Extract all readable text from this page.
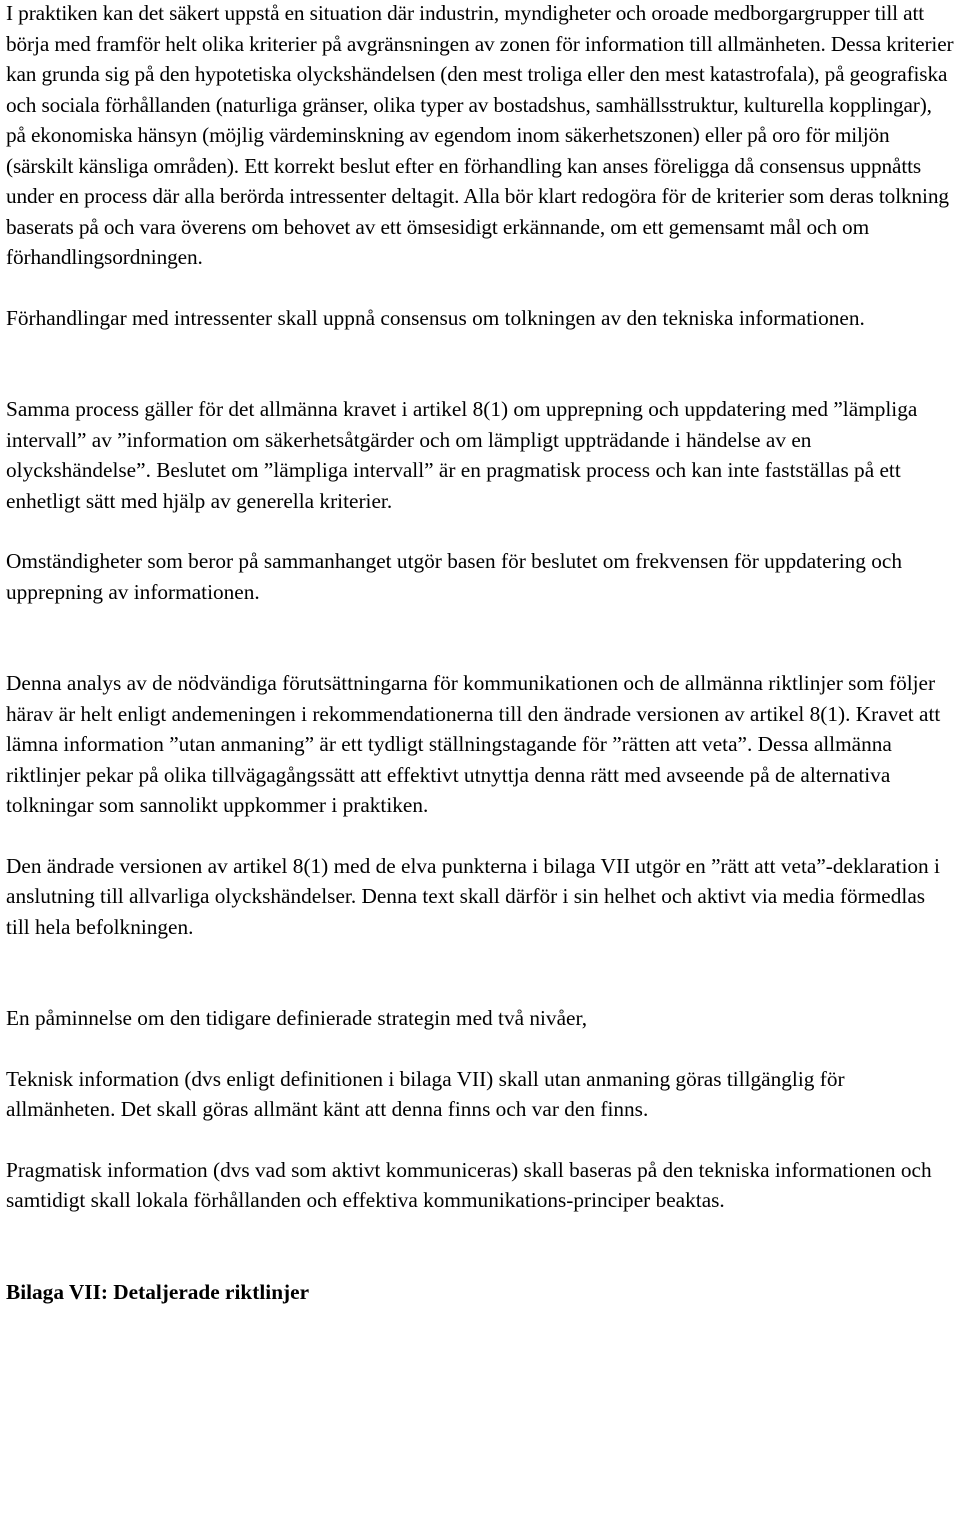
I praktiken kan det säkert uppstå en situation där industrin, myndigheter och oroade medborgargrupper till att börja med framför helt olika kriterier på avgränsningen av zonen för information till allmänheten. Dessa kriterier kan grunda sig på den hypotetiska olyckshändelsen (den mest troliga eller den mest katastrofala), på geografiska och sociala förhållanden (naturliga gränser, olika typer av bostadshus, samhällsstruktur, kulturella kopplingar), på ekonomiska hänsyn (möjlig värdeminskning av egendom inom säkerhetszonen) eller på oro för miljön (särskilt känsliga områden). Ett korrekt beslut efter en förhandling kan anses föreligga då consensus uppnåtts under en process där alla berörda intressenter deltagit. Alla bör klart redogöra för de kriterier som deras tolkning baserats på och vara överens om behovet av ett ömsesidigt erkännande, om ett gemensamt mål och om förhandlingsordningen.

Förhandlingar med intressenter skall uppnå consensus om tolkningen av den tekniska informationen.

Samma process gäller för det allmänna kravet i artikel 8(1) om upprepning och uppdatering med ”lämpliga intervall” av ”information om säkerhetsåtgärder och om lämpligt uppträdande i händelse av en olyckshändelse”. Beslutet om ”lämpliga intervall” är en pragmatisk process och kan inte fastställas på ett enhetligt sätt med hjälp av generella kriterier.

Omständigheter som beror på sammanhanget utgör basen för beslutet om frekvensen för uppdatering och upprepning av informationen.

Denna analys av de nödvändiga förutsättningarna för kommunikationen och de allmänna riktlinjer som följer härav är helt enligt andemeningen i rekommendationerna till den ändrade versionen av artikel 8(1). Kravet att lämna information ”utan anmaning” är ett tydligt ställningstagande för ”rätten att veta”. Dessa allmänna riktlinjer pekar på olika tillvägagångssätt att effektivt utnyttja denna rätt med avseende på de alternativa tolkningar som sannolikt uppkommer i praktiken.

Den ändrade versionen av artikel 8(1) med de elva punkterna i bilaga VII utgör en ”rätt att veta”-deklaration i anslutning till allvarliga olyckshändelser. Denna text skall därför i sin helhet och aktivt via media förmedlas till hela befolkningen.

En påminnelse om den tidigare definierade strategin med två nivåer,

Teknisk information (dvs enligt definitionen i bilaga VII) skall utan anmaning göras tillgänglig för allmänheten. Det skall göras allmänt känt att denna finns och var den finns.

Pragmatisk information (dvs vad som aktivt kommuniceras) skall baseras på den tekniska informationen och samtidigt skall lokala förhållanden och effektiva kommunikations-principer beaktas.

Bilaga VII: Detaljerade riktlinjer
